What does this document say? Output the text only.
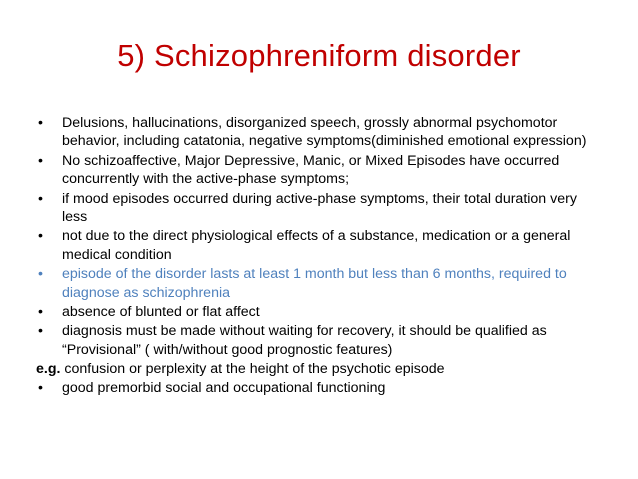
5) Schizophreniform disorder
• Delusions, hallucinations, disorganized speech, grossly abnormal psychomotor behavior, including catatonia, negative symptoms(diminished emotional expression)
• No schizoaffective, Major Depressive, Manic, or Mixed Episodes have occurred concurrently with the active-phase symptoms;
• if mood episodes occurred during active-phase symptoms, their total duration very less
• not due to the direct physiological effects of a substance, medication or a general medical condition
• episode of the disorder lasts at least 1 month but less than 6 months, required to diagnose as schizophrenia
• absence of blunted or flat affect
• diagnosis must be made without waiting for recovery, it should be qualified as “Provisional” ( with/without good prognostic features)
e.g. confusion or perplexity at the height of the psychotic episode
• good premorbid social and occupational functioning
